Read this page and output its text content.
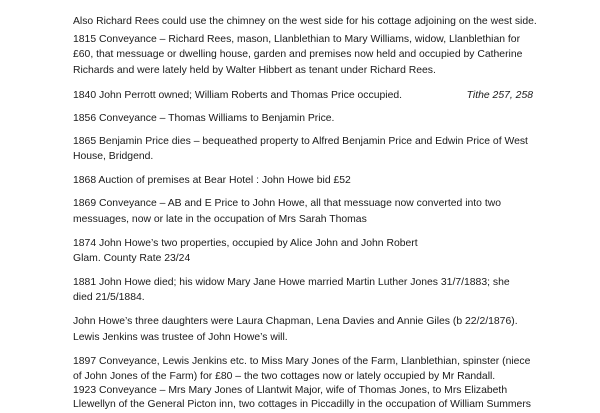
Also Richard Rees could use the chimney on the west side for his cottage adjoining on the west side.
1815 Conveyance – Richard Rees, mason, Llanblethian to Mary Williams, widow, Llanblethian for
£60, that messuage or dwelling house, garden and premises now held and occupied by Catherine
Richards and were lately held by Walter Hibbert as tenant under Richard Rees.
1840 John Perrott owned; William Roberts and Thomas Price occupied.	Tithe 257, 258
1856 Conveyance – Thomas Williams to Benjamin Price.
1865 Benjamin Price dies – bequeathed property to Alfred Benjamin Price and Edwin Price of West
House, Bridgend.
1868 Auction of premises at Bear Hotel : John Howe bid £52
1869 Conveyance – AB and E Price to John Howe, all that messuage now converted into two
messuages, now or late in the occupation of Mrs Sarah Thomas
1874 John Howe’s two properties, occupied by Alice John and John Robert
Glam. County Rate 23/24
1881 John Howe died; his widow Mary Jane Howe married Martin Luther Jones 31/7/1883; she
died 21/5/1884.
John Howe’s three daughters were Laura Chapman, Lena Davies and Annie Giles (b 22/2/1876).
Lewis Jenkins was trustee of John Howe’s will.
1897 Conveyance, Lewis Jenkins etc. to Miss Mary Jones of the Farm, Llanblethian, spinster (niece
of John Jones of the Farm) for £80 – the two cottages now or lately occupied by Mr Randall.
1923 Conveyance – Mrs Mary Jones of Llantwit Major, wife of Thomas Jones, to Mrs Elizabeth
Llewellyn of the General Picton inn, two cottages in Piccadilly in the occupation of William Summers
